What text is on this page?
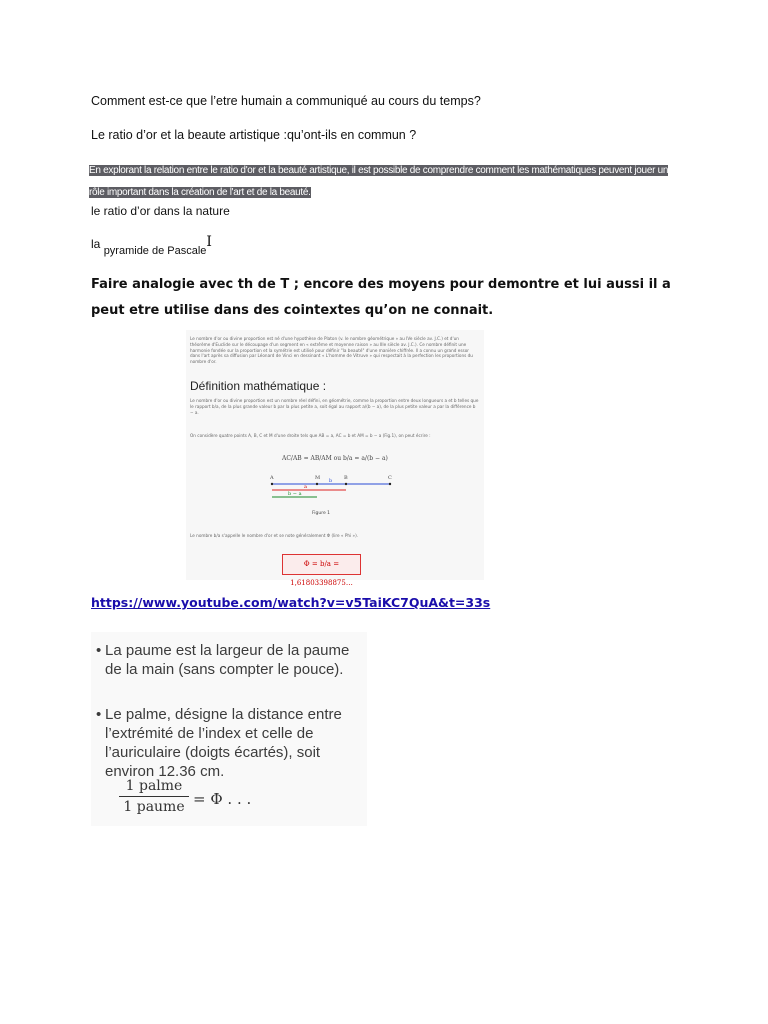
Comment est-ce que l’etre humain a communiqué au cours du temps?
Le ratio d’or et la beaute artistique :qu’ont-ils en commun ?
En explorant la relation entre le ratio d'or et la beauté artistique, il est possible de comprendre comment les mathématiques peuvent jouer un rôle important dans la création de l'art et de la beauté.
le ratio d’or dans la nature
la pyramide de PascaleI
Faire analogie avec th de T ; encore des moyens pour demontre et lui aussi il a peut etre utilise dans des cointextes qu’on ne connait.
Le nombre d'or ou divine proportion est né d'une hypothèse de Platon (v. le nombre géométrique » au IVe siècle av. J.C.) et d'un théorème d'Euclide sur le découpage d'un segment en « extrême et moyenne raison » au IIIe siècle av. J.C.). Ce nombre définit une harmonie fondée sur la proportion et la symétrie est utilisé pour définir "la beauté" d'une manière chiffrée. Il a connu un grand essor dans l'art après sa diffusion par Léonard de Vinci en dessinant « L'homme de Vitruve » qui respectait à la perfection les proportions du nombre d'or.
Définition mathématique :
Le nombre d'or ou divine proportion est un nombre réel défini, en géométrie, comme la proportion entre deux longueurs a et b telles que le rapport b/a, de la plus grande valeur b par la plus petite a, soit égal au rapport a/(b − a), de la plus petite valeur a par la différence b − a.
On considère quatre points A, B, C et M d'une droite tels que AB = a, AC = b et AM = b − a (Fig.1), on peut écrire :
AC/AB = AB/AM ou b/a = a/(b − a)
A	M	B	C
a
b
b − a
Figure 1
Le nombre b/a s'appelle le nombre d'or et se note généralement Φ (lire « Phi »).
Φ = b/a = 1,61803398875…
https://www.youtube.com/watch?v=v5TaiKC7QuA&t=33s
• La paume est la largeur de la paume de la main (sans compter le pouce).
• Le palme, désigne la distance entre l’extrémité de l’index et celle de l’auriculaire (doigts écartés), soit environ 12.36 cm.
1 palme
1 paume = Φ . . .
